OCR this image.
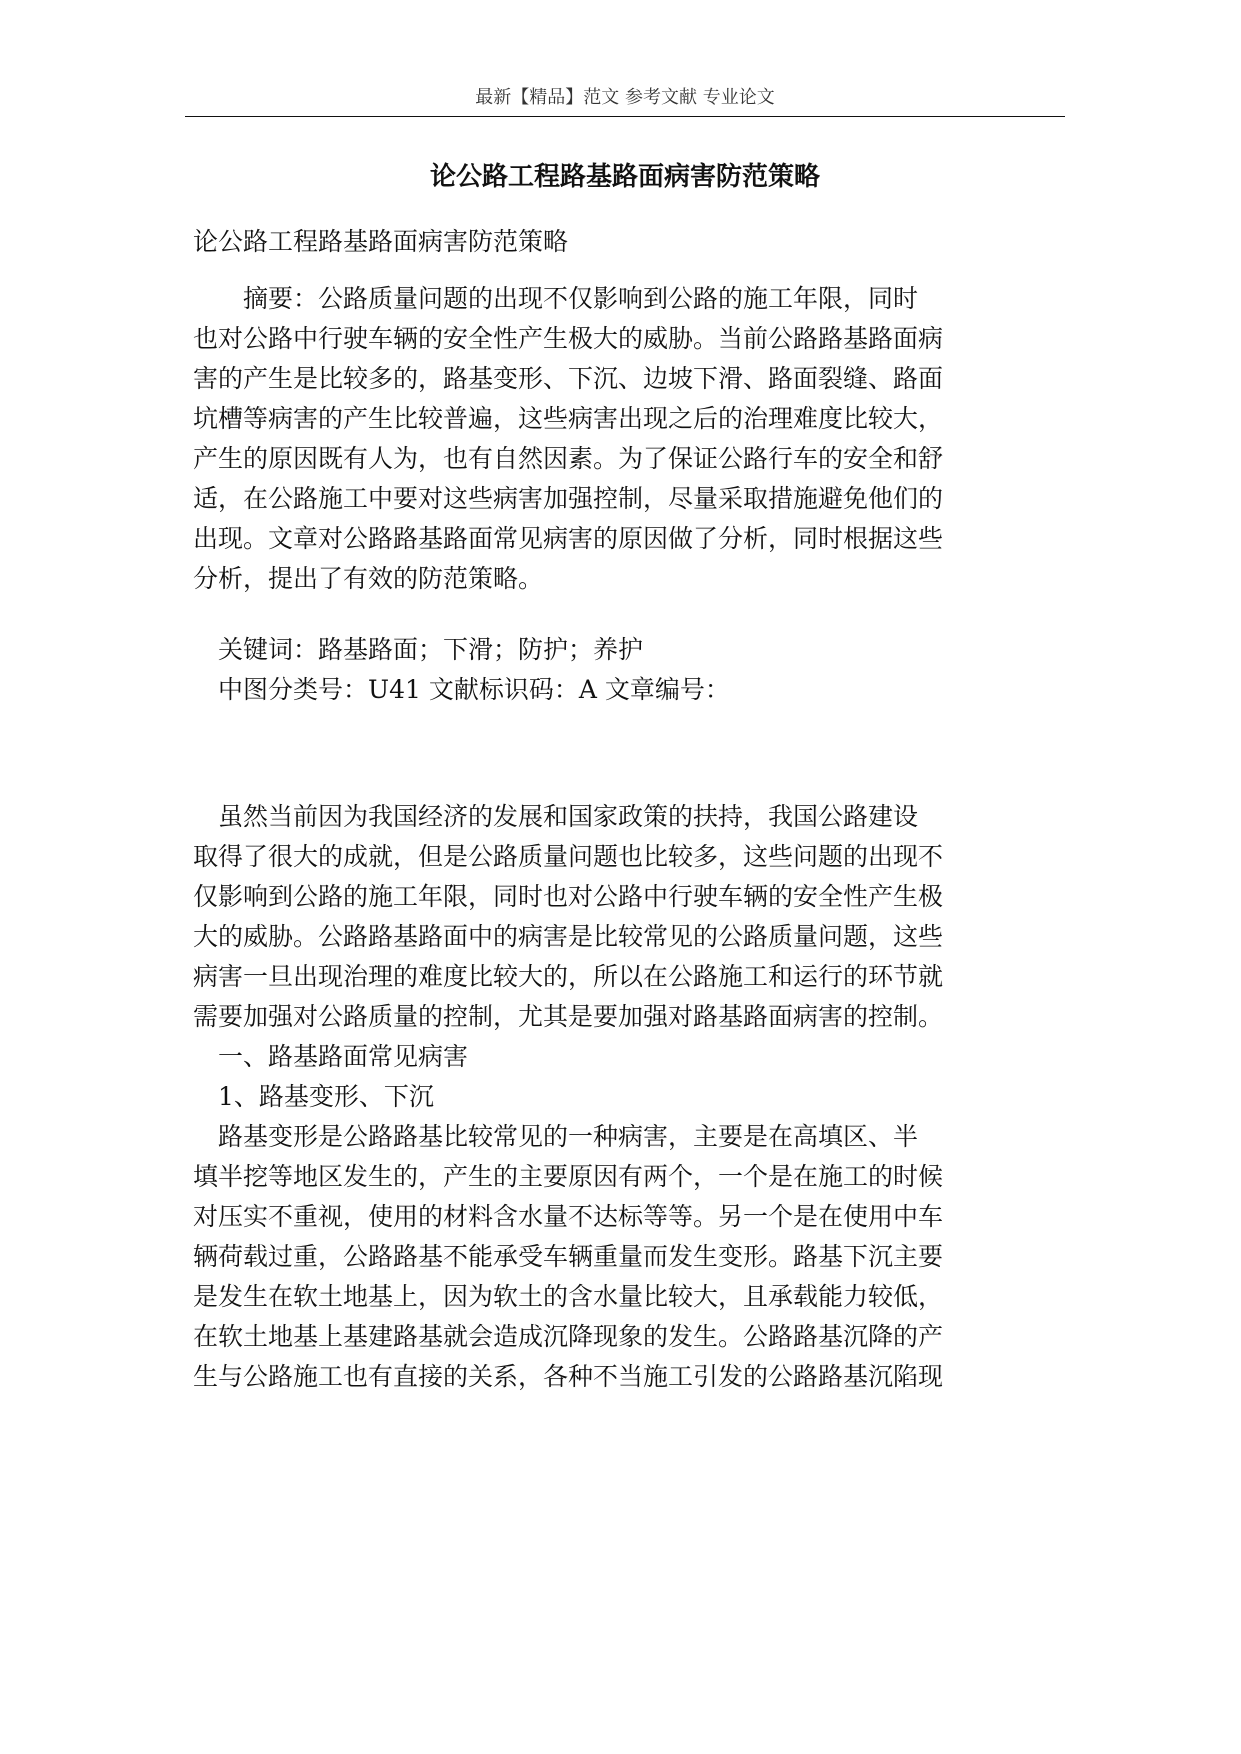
最新【精品】范文 参考文献 专业论文
论公路工程路基路面病害防范策略
论公路工程路基路面病害防范策略
　　摘要：公路质量问题的出现不仅影响到公路的施工年限，同时
也对公路中行驶车辆的安全性产生极大的威胁。当前公路路基路面病
害的产生是比较多的，路基变形、下沉、边坡下滑、路面裂缝、路面
坑槽等病害的产生比较普遍，这些病害出现之后的治理难度比较大，
产生的原因既有人为，也有自然因素。为了保证公路行车的安全和舒
适，在公路施工中要对这些病害加强控制，尽量采取措施避免他们的
出现。文章对公路路基路面常见病害的原因做了分析，同时根据这些
分析，提出了有效的防范策略。
　关键词：路基路面；下滑；防护；养护
　中图分类号：U41 文献标识码：A 文章编号：
　虽然当前因为我国经济的发展和国家政策的扶持，我国公路建设
取得了很大的成就，但是公路质量问题也比较多，这些问题的出现不
仅影响到公路的施工年限，同时也对公路中行驶车辆的安全性产生极
大的威胁。公路路基路面中的病害是比较常见的公路质量问题，这些
病害一旦出现治理的难度比较大的，所以在公路施工和运行的环节就
需要加强对公路质量的控制，尤其是要加强对路基路面病害的控制。
　一、路基路面常见病害
　1、路基变形、下沉
　路基变形是公路路基比较常见的一种病害，主要是在高填区、半
填半挖等地区发生的，产生的主要原因有两个，一个是在施工的时候
对压实不重视，使用的材料含水量不达标等等。另一个是在使用中车
辆荷载过重，公路路基不能承受车辆重量而发生变形。路基下沉主要
是发生在软土地基上，因为软土的含水量比较大，且承载能力较低，
在软土地基上基建路基就会造成沉降现象的发生。公路路基沉降的产
生与公路施工也有直接的关系，各种不当施工引发的公路路基沉陷现
